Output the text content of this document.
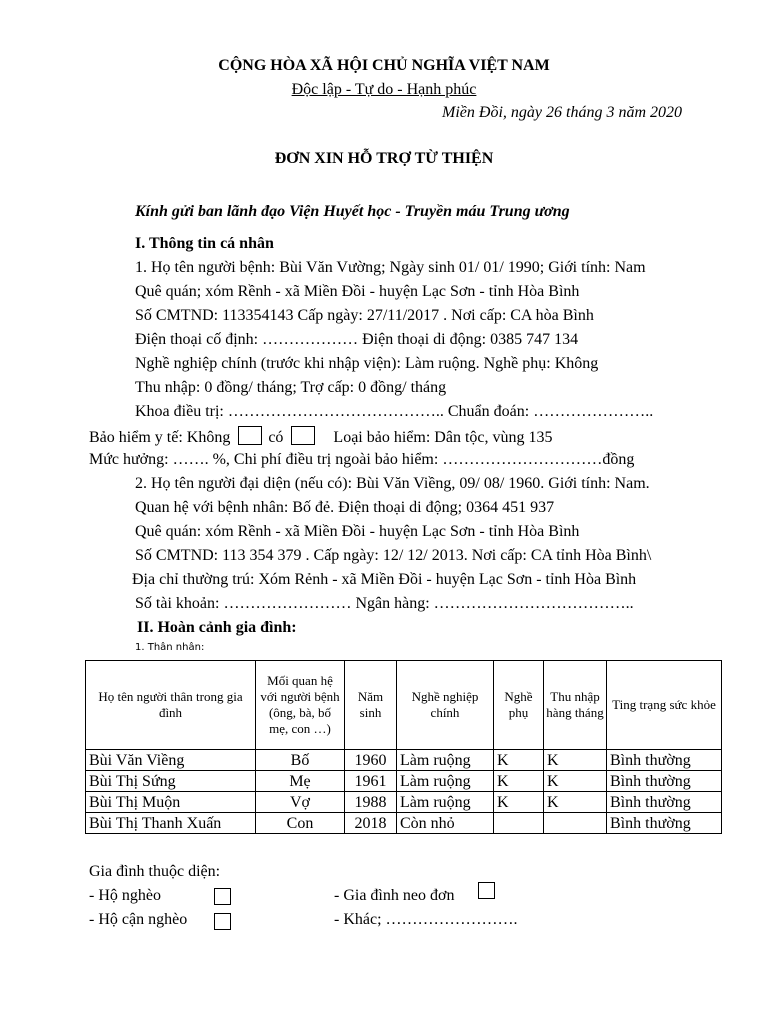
CỘNG HÒA XÃ HỘI CHỦ NGHĨA VIỆT NAM
Độc lập - Tự do - Hạnh phúc
Miền Đồi, ngày 26 tháng 3 năm 2020
ĐƠN XIN HỖ TRỢ TỪ THIỆN
Kính gửi ban lãnh đạo Viện Huyết học - Truyền máu Trung ương
I. Thông tin cá nhân
1. Họ tên người bệnh: Bùi Văn Vường; Ngày sinh 01/ 01/ 1990; Giới tính: Nam
Quê quán; xóm Rềnh - xã Miền Đồi - huyện Lạc Sơn - tỉnh Hòa Bình
Số CMTND: 113354143 Cấp ngày: 27/11/2017 . Nơi cấp: CA hòa Bình
Điện thoại cố định: ……………… Điện thoại di động: 0385 747 134
Nghề nghiệp chính (trước khi nhập viện): Làm ruộng. Nghề phụ: Không
Thu nhập: 0 đồng/ tháng; Trợ cấp: 0 đồng/ tháng
Khoa điều trị: ………………………………….. Chuẩn đoán: …………………..
Bảo hiểm y tế: Không có	Loại bảo hiểm: Dân tộc, vùng 135
Mức hưởng: ……. %, Chi phí điều trị ngoài bảo hiểm: …………………………đồng
2. Họ tên người đại diện (nếu có): Bùi Văn Viềng, 09/ 08/ 1960. Giới tính: Nam.
Quan hệ với bệnh nhân: Bố đẻ. Điện thoại di động; 0364 451 937
Quê quán: xóm Rềnh - xã Miền Đồi - huyện Lạc Sơn - tỉnh Hòa Bình
Số CMTND: 113 354 379 . Cấp ngày: 12/ 12/ 2013. Nơi cấp: CA tỉnh Hòa Bình\
Địa chỉ thường trú: Xóm Rẻnh - xã Miền Đồi - huyện Lạc Sơn - tỉnh Hòa Bình
Số tài khoản: …………………… Ngân hàng: ………………………………..
II. Hoàn cảnh gia đình:
1. Thân nhân:
Họ tên người thân trong gia đình	Mối quan hệ với người bệnh (ông, bà, bố mẹ, con …)	Năm sinh	Nghề nghiệp chính	Nghề phụ	Thu nhập hàng tháng	Ting trạng sức khỏe
Bùi Văn Viềng	Bố	1960	Làm ruộng	K	K	Bình thường
Bùi Thị Sứng	Mẹ	1961	Làm ruộng	K	K	Bình thường
Bùi Thị Muộn	Vợ	1988	Làm ruộng	K	K	Bình thường
Bùi Thị Thanh Xuấn	Con	2018	Còn nhỏ			Bình thường
Gia đình thuộc diện:
- Hộ nghèo	- Gia đình neo đơn
- Hộ cận nghèo	- Khác; …………………….
